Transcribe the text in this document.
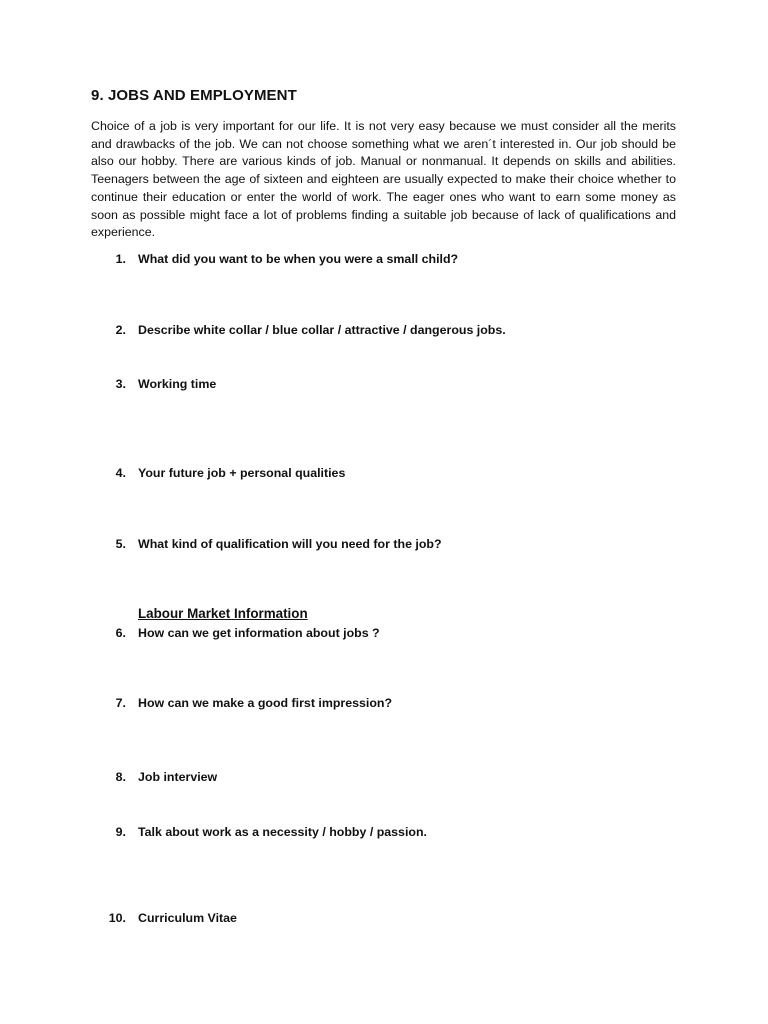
9. JOBS AND EMPLOYMENT

Choice of a job is very important for our life. It is not very easy because we must consider all the merits and drawbacks of the job. We can not choose something what we aren´t interested in. Our job should be also our hobby. There are various kinds of job. Manual or nonmanual. It depends on skills and abilities. Teenagers between the age of sixteen and eighteen are usually expected to make their choice whether to continue their education or enter the world of work. The eager ones who want to earn some money as soon as possible might face a lot of problems finding a suitable job because of lack of qualifications and experience.

1. What did you want to be when you were a small child?
2. Describe white collar / blue collar / attractive / dangerous jobs.
3. Working time
4. Your future job + personal qualities
5. What kind of qualification will you need for the job?
Labour Market Information
6. How can we get information about jobs ?
7. How can we make a good first impression?
8. Job interview
9. Talk about work as a necessity / hobby / passion.
10. Curriculum Vitae
